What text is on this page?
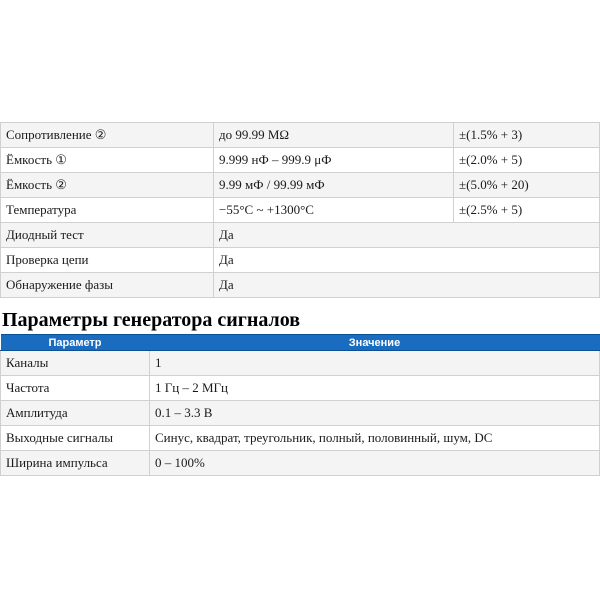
Сопротивление ②	до 99.99 MΩ	±(1.5% + 3)
Ёмкость ①	9.999 нФ – 999.9 μФ	±(2.0% + 5)
Ёмкость ②	9.99 мФ / 99.99 мФ	±(5.0% + 20)
Температура	−55°C ~ +1300°C	±(2.5% + 5)
Диодный тест	Да	
Проверка цепи	Да	
Обнаружение фазы	Да	
Параметры генератора сигналов
Параметр	Значение
Каналы	1
Частота	1 Гц – 2 МГц
Амплитуда	0.1 – 3.3 В
Выходные сигналы	Синус, квадрат, треугольник, полный, половинный, шум, DC
Ширина импульса	0 – 100%
